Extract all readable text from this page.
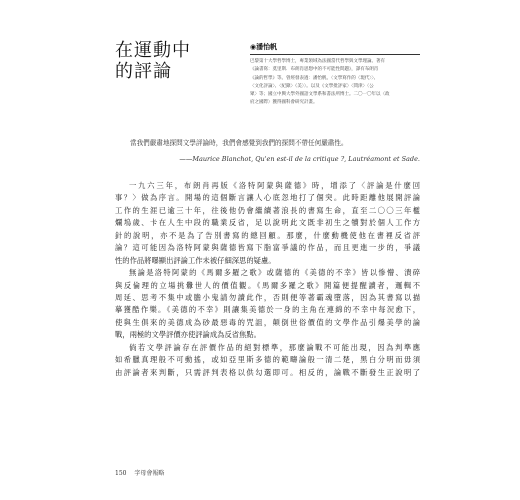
在運動中
的評論
◉潘怡帆
巴黎第十大學哲學博士，專業領域為法國當代哲學與文學理論。著有
《論書寫：莫里斯．布朗肖思想中的不可能性問題》，譯有布朗肖
《論的哲學》等。曾經發表過：潘怡帆、〈文學寫作的〈現代〉〉、
〈文化評論〉、〈紀錄〉（美〉〉。以及《文學批評家〉〈問津〉〈公
眾〉等；國立中興大學外國語文學系和書法所博士。二〇一〇年以〈政
府之國際〉獲得國科會研究計畫。
當我們嚴肅地探問文學評論時，我們會感覺到我們的探問不帶任何嚴肅性。
——Maurice Blanchot, Qu'en est-il de la critique ?, Lautréamont et Sade.
一九六三年，布朗肖再版《洛特阿蒙與薩德》時，增添了〈評論是什麼回
事？〉做為序言。開場的這個斷言讓人心底忽地打了個突。此時距離他展開評論
工作的生涯已逾三十年，往後他仍會繼續著浪長的書寫生命，直至二〇〇三年檻
爛塢歲、卡在人生中段的職業反省，足以說明此文既非初生之犢對於個人工作方
針的說明，亦不是為了告別書寫的總回顧。那麼，什麼動機使他在書裡反省評
論？這可能因為洛特阿蒙與薩德皆寫下脂富爭議的作品，而且更進一步的，爭議
性的作品將曝顯出評論工作未被仔細深思的疑慮。
無論是洛特阿蒙的《馬爾多羅之歌》或薩德的《美德的不幸》皆以慘懵、潰碎
與反倫理的立場挑釁世人的價值觀。《馬爾多羅之歌》開篇便提醒讀者，邏輯不
周延、思考不集中或膽小鬼請勿讀此作，否則便等著霸魂墮落，因為其書寫以描
摹獲酷作樂。《美德的不幸》則讓集美德於一身的主角在連綿的不幸中每況愈下，
使與生俱來的美德成為砂最惡毒的咒詛，顛倒世俗價值的文學作品引爆美學的論
戰，兩極的文學評價亦使評論成為反省焦點。
倘若文學評論存在評價作品的絕對標準，那麼論戰不可能出現，因為判準應
如希臘真理般不可動搖，或如亞里斯多德的範疇論般一清二楚，黑白分明而毋須
由評論者來判斷，只需評判表格以供勾選即可。相反的，論戰不斷發生正說明了
150 字母會報略
